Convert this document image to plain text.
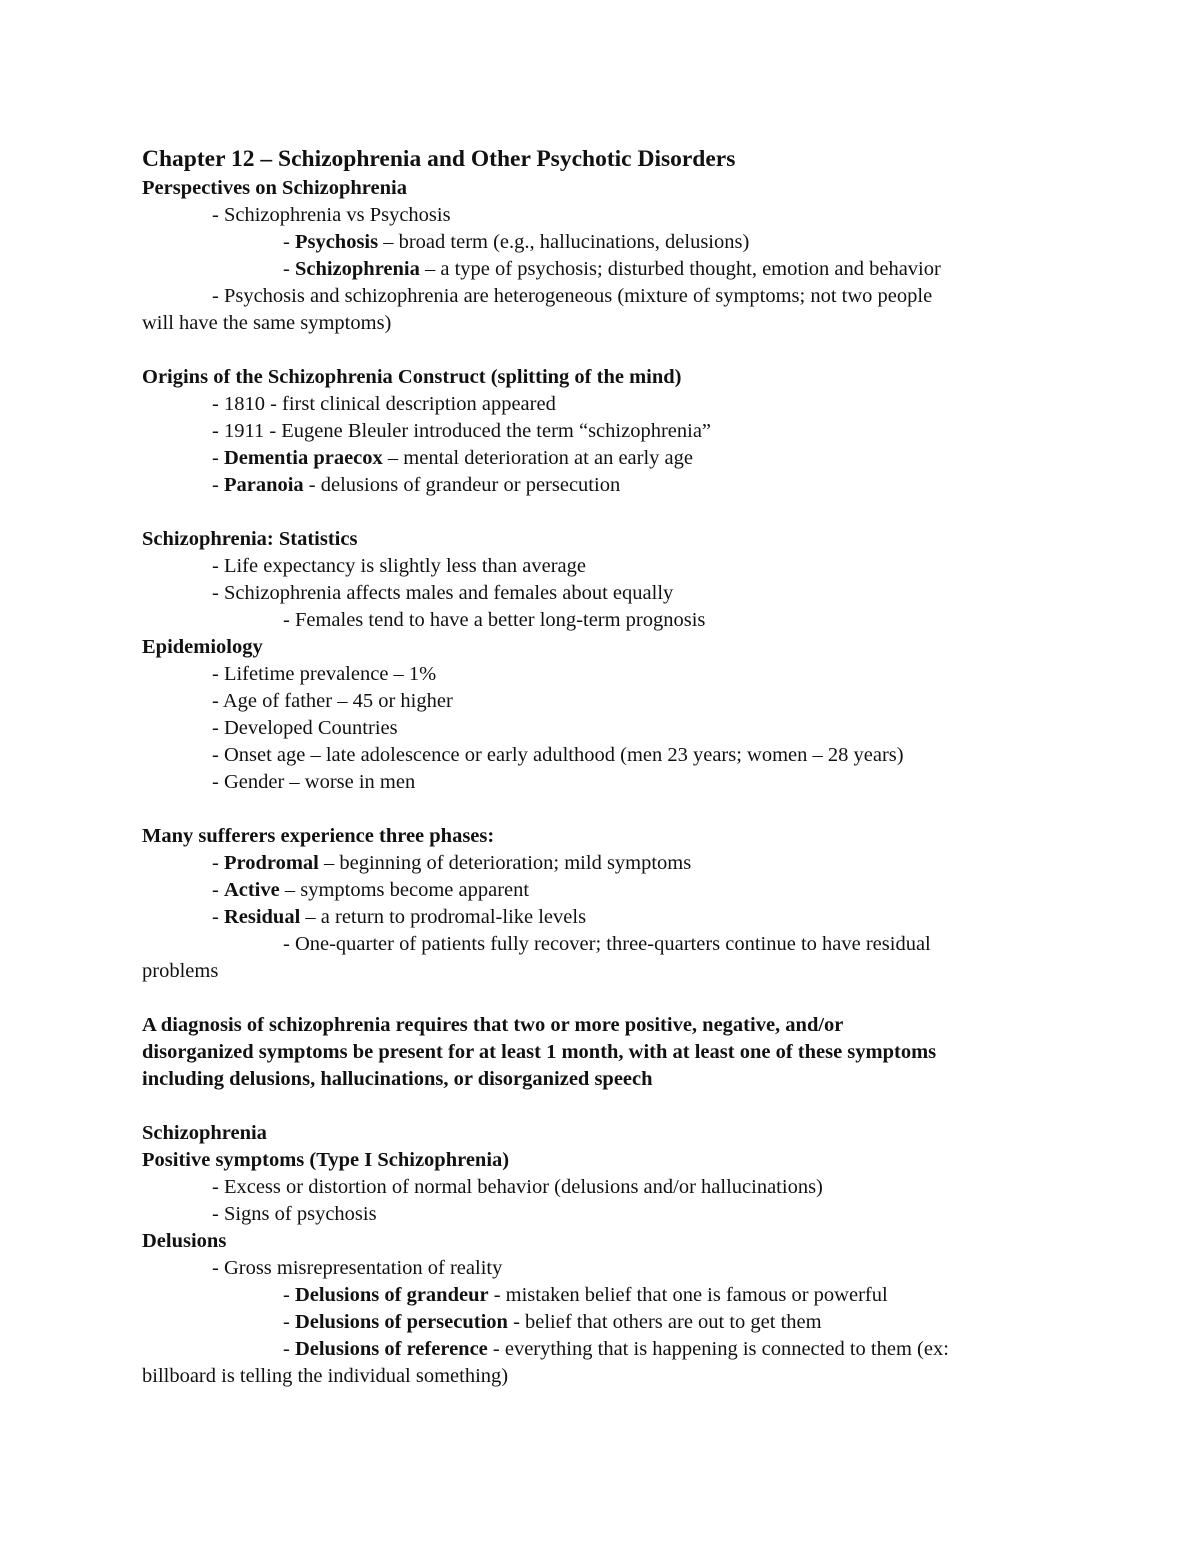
Chapter 12 – Schizophrenia and Other Psychotic Disorders
Perspectives on Schizophrenia
- Schizophrenia vs Psychosis
- Psychosis – broad term (e.g., hallucinations, delusions)
- Schizophrenia – a type of psychosis; disturbed thought, emotion and behavior
- Psychosis and schizophrenia are heterogeneous (mixture of symptoms; not two people
will have the same symptoms)
Origins of the Schizophrenia Construct (splitting of the mind)
- 1810 - first clinical description appeared
- 1911 - Eugene Bleuler introduced the term “schizophrenia”
- Dementia praecox – mental deterioration at an early age
- Paranoia - delusions of grandeur or persecution
Schizophrenia: Statistics
- Life expectancy is slightly less than average
- Schizophrenia affects males and females about equally
- Females tend to have a better long-term prognosis
Epidemiology
- Lifetime prevalence – 1%
- Age of father – 45 or higher
- Developed Countries
- Onset age – late adolescence or early adulthood (men 23 years; women – 28 years)
- Gender – worse in men
Many sufferers experience three phases:
- Prodromal – beginning of deterioration; mild symptoms
- Active – symptoms become apparent
- Residual – a return to prodromal-like levels
- One-quarter of patients fully recover; three-quarters continue to have residual
problems
A diagnosis of schizophrenia requires that two or more positive, negative, and/or
disorganized symptoms be present for at least 1 month, with at least one of these symptoms
including delusions, hallucinations, or disorganized speech
Schizophrenia
Positive symptoms (Type I Schizophrenia)
- Excess or distortion of normal behavior (delusions and/or hallucinations)
- Signs of psychosis
Delusions
- Gross misrepresentation of reality
- Delusions of grandeur - mistaken belief that one is famous or powerful
- Delusions of persecution - belief that others are out to get them
- Delusions of reference - everything that is happening is connected to them (ex:
billboard is telling the individual something)
